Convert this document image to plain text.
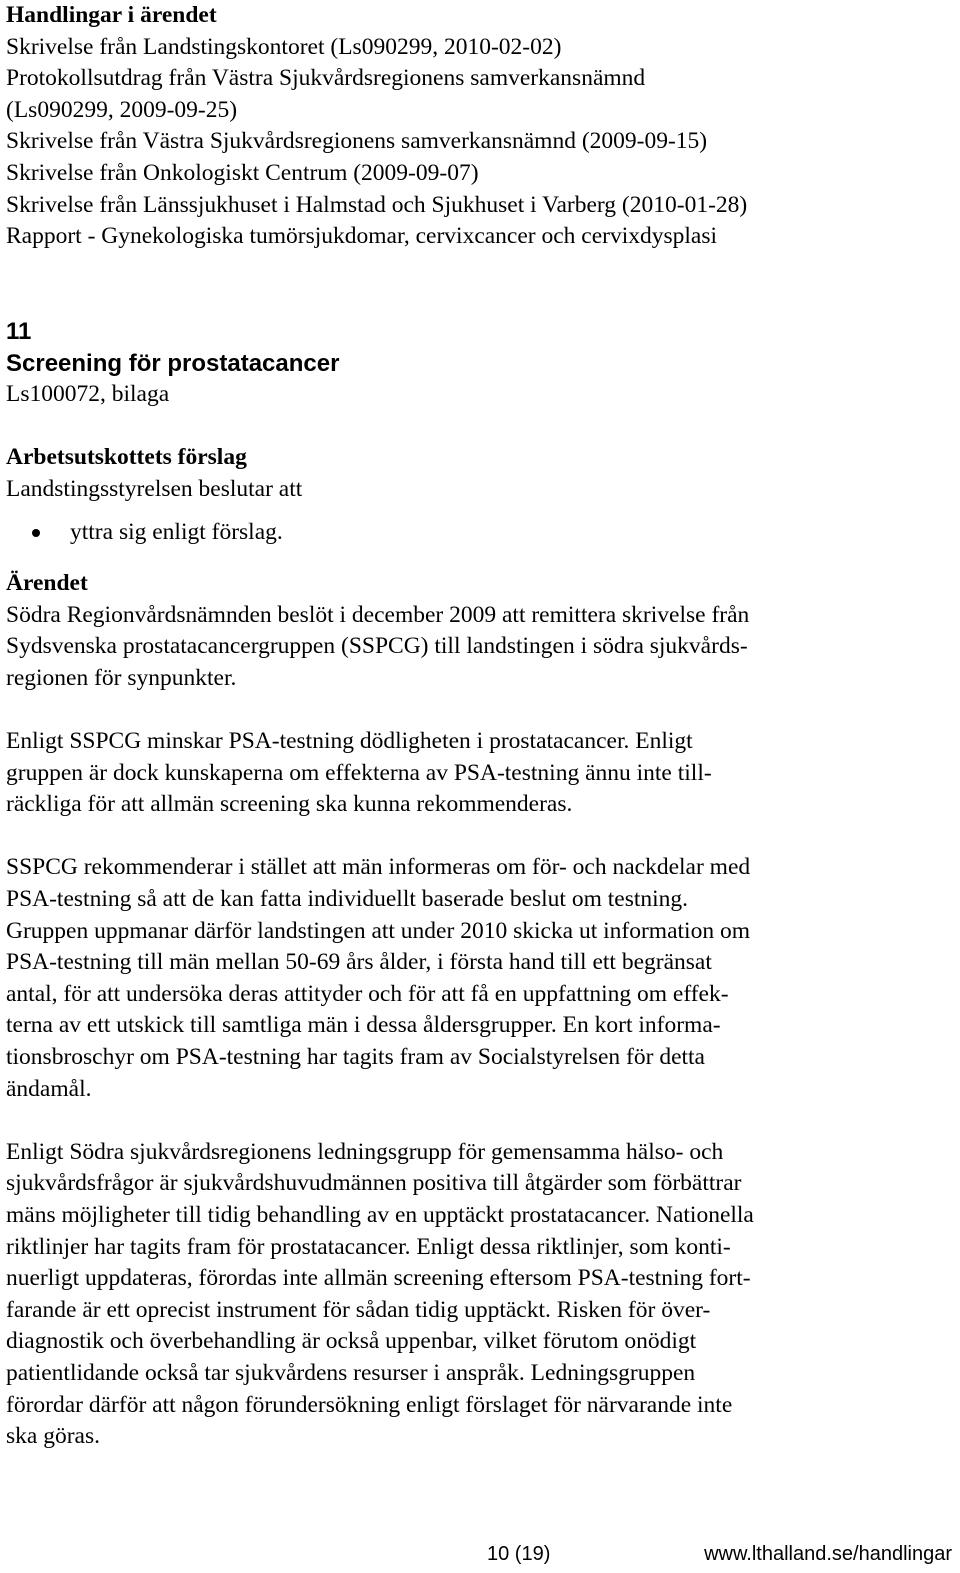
Handlingar i ärendet
Skrivelse från Landstingskontoret (Ls090299, 2010-02-02)
Protokollsutdrag från Västra Sjukvårdsregionens samverkansnämnd
(Ls090299, 2009-09-25)
Skrivelse från Västra Sjukvårdsregionens samverkansnämnd (2009-09-15)
Skrivelse från Onkologiskt Centrum (2009-09-07)
Skrivelse från Länssjukhuset i Halmstad och Sjukhuset i Varberg (2010-01-28)
Rapport - Gynekologiska tumörsjukdomar, cervixcancer och cervixdysplasi
11
Screening för prostatacancer
Ls100072, bilaga
Arbetsutskottets förslag
Landstingsstyrelsen beslutar att
yttra sig enligt förslag.
Ärendet
Södra Regionvårdsnämnden beslöt i december 2009 att remittera skrivelse från
Sydsvenska prostatacancergruppen (SSPCG) till landstingen i södra sjukvårds-
regionen för synpunkter.
Enligt SSPCG minskar PSA-testning dödligheten i prostatacancer. Enligt
gruppen är dock kunskaperna om effekterna av PSA-testning ännu inte till-
räckliga för att allmän screening ska kunna rekommenderas.
SSPCG rekommenderar i stället att män informeras om för- och nackdelar med
PSA-testning så att de kan fatta individuellt baserade beslut om testning.
Gruppen uppmanar därför landstingen att under 2010 skicka ut information om
PSA-testning till män mellan 50-69 års ålder, i första hand till ett begränsat
antal, för att undersöka deras attityder och för att få en uppfattning om effek-
terna av ett utskick till samtliga män i dessa åldersgrupper. En kort informa-
tionsbroschyr om PSA-testning har tagits fram av Socialstyrelsen för detta
ändamål.
Enligt Södra sjukvårdsregionens ledningsgrupp för gemensamma hälso- och
sjukvårdsfrågor är sjukvårdshuvudmännen positiva till åtgärder som förbättrar
mäns möjligheter till tidig behandling av en upptäckt prostatacancer. Nationella
riktlinjer har tagits fram för prostatacancer. Enligt dessa riktlinjer, som konti-
nuerligt uppdateras, förordas inte allmän screening eftersom PSA-testning fort-
farande är ett oprecist instrument för sådan tidig upptäckt. Risken för över-
diagnostik och överbehandling är också uppenbar, vilket förutom onödigt
patientlidande också tar sjukvårdens resurser i anspråk. Ledningsgruppen
förordar därför att någon förundersökning enligt förslaget för närvarande inte
ska göras.
10 (19)	www.lthalland.se/handlingar
